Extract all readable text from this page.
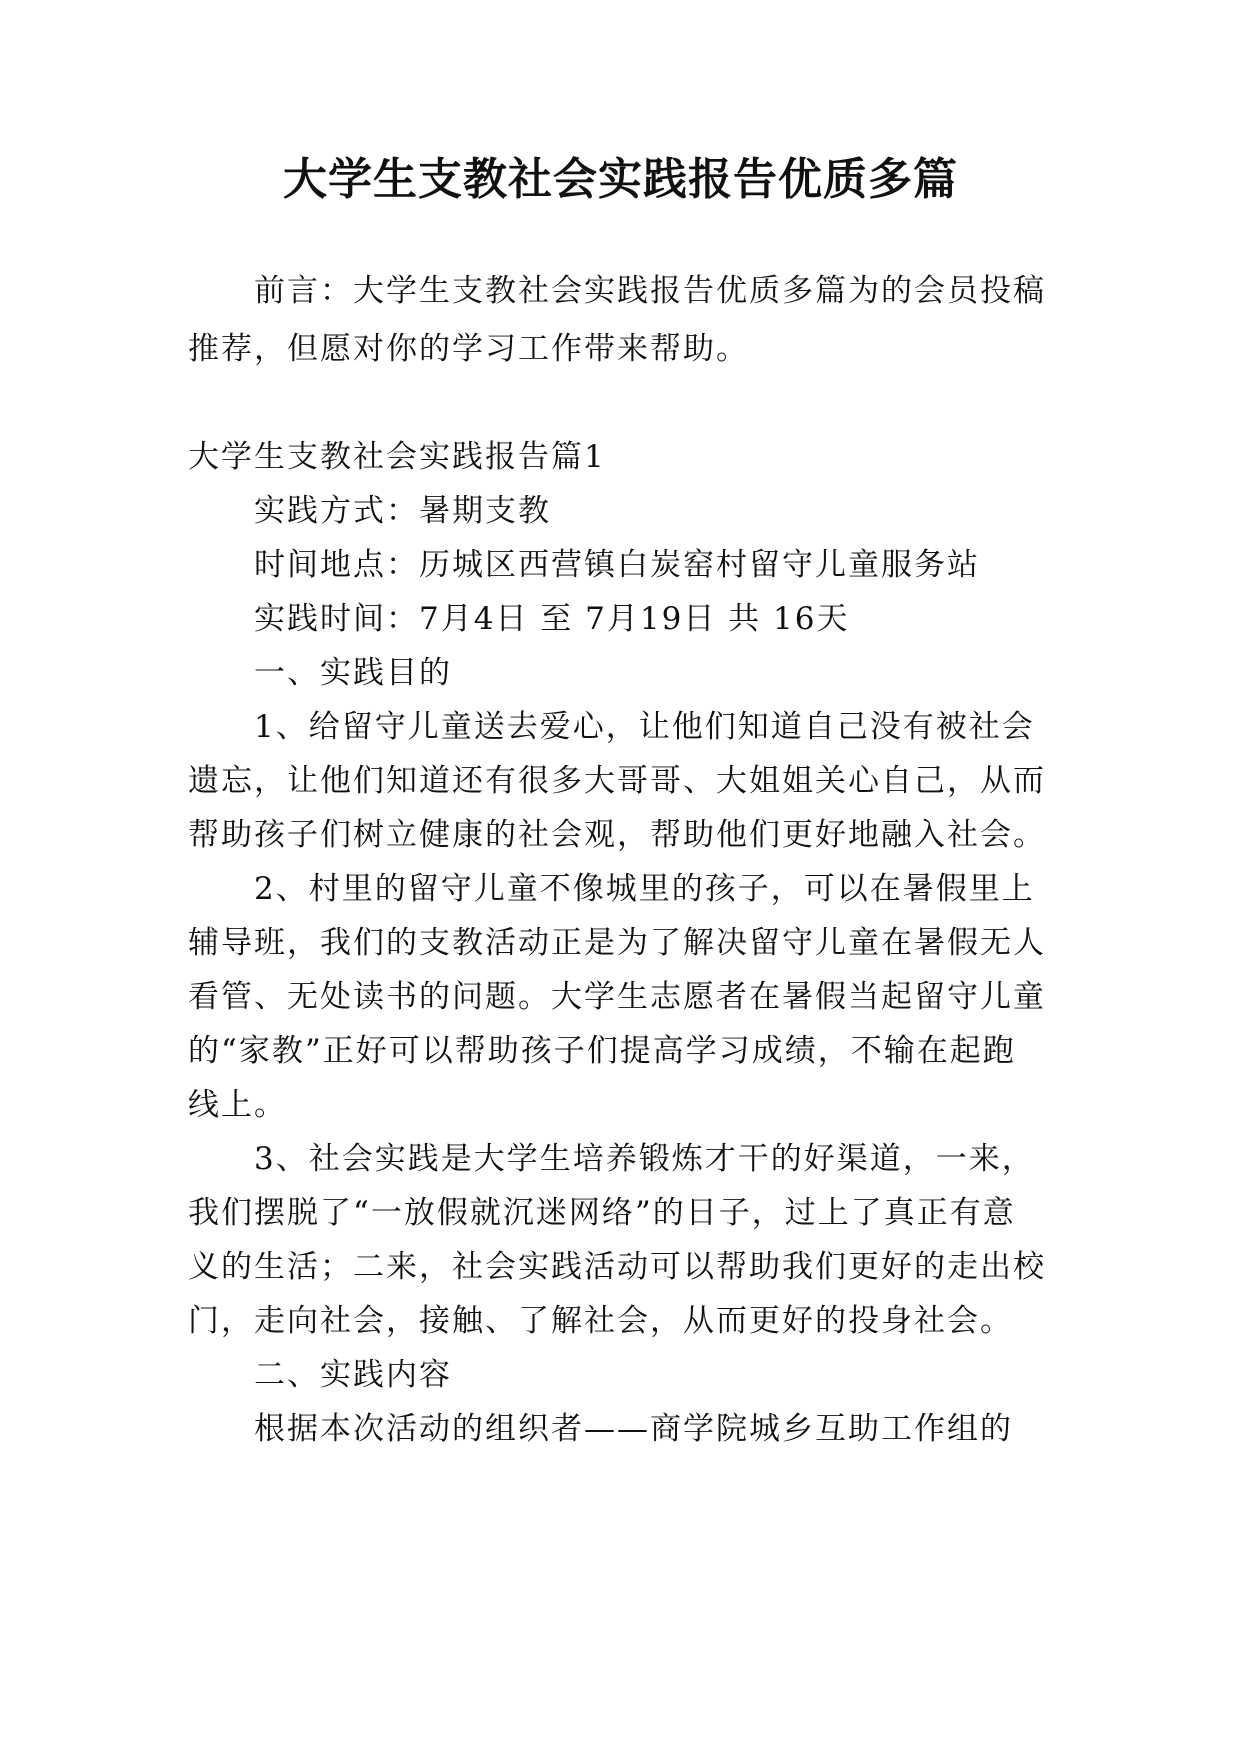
大学生支教社会实践报告优质多篇

前言：大学生支教社会实践报告优质多篇为的会员投稿

推荐，但愿对你的学习工作带来帮助。

大学生支教社会实践报告篇1

实践方式：暑期支教

时间地点：历城区西营镇白炭窑村留守儿童服务站

实践时间：7月4日 至 7月19日 共 16天

一、实践目的

1、给留守儿童送去爱心，让他们知道自己没有被社会

遗忘，让他们知道还有很多大哥哥、大姐姐关心自己，从而

帮助孩子们树立健康的社会观，帮助他们更好地融入社会。

2、村里的留守儿童不像城里的孩子，可以在暑假里上

辅导班，我们的支教活动正是为了解决留守儿童在暑假无人

看管、无处读书的问题。大学生志愿者在暑假当起留守儿童

的“家教”正好可以帮助孩子们提高学习成绩，不输在起跑

线上。

3、社会实践是大学生培养锻炼才干的好渠道，一来，

我们摆脱了“一放假就沉迷网络”的日子，过上了真正有意

义的生活；二来，社会实践活动可以帮助我们更好的走出校

门，走向社会，接触、了解社会，从而更好的投身社会。

二、实践内容

根据本次活动的组织者——商学院城乡互助工作组的
